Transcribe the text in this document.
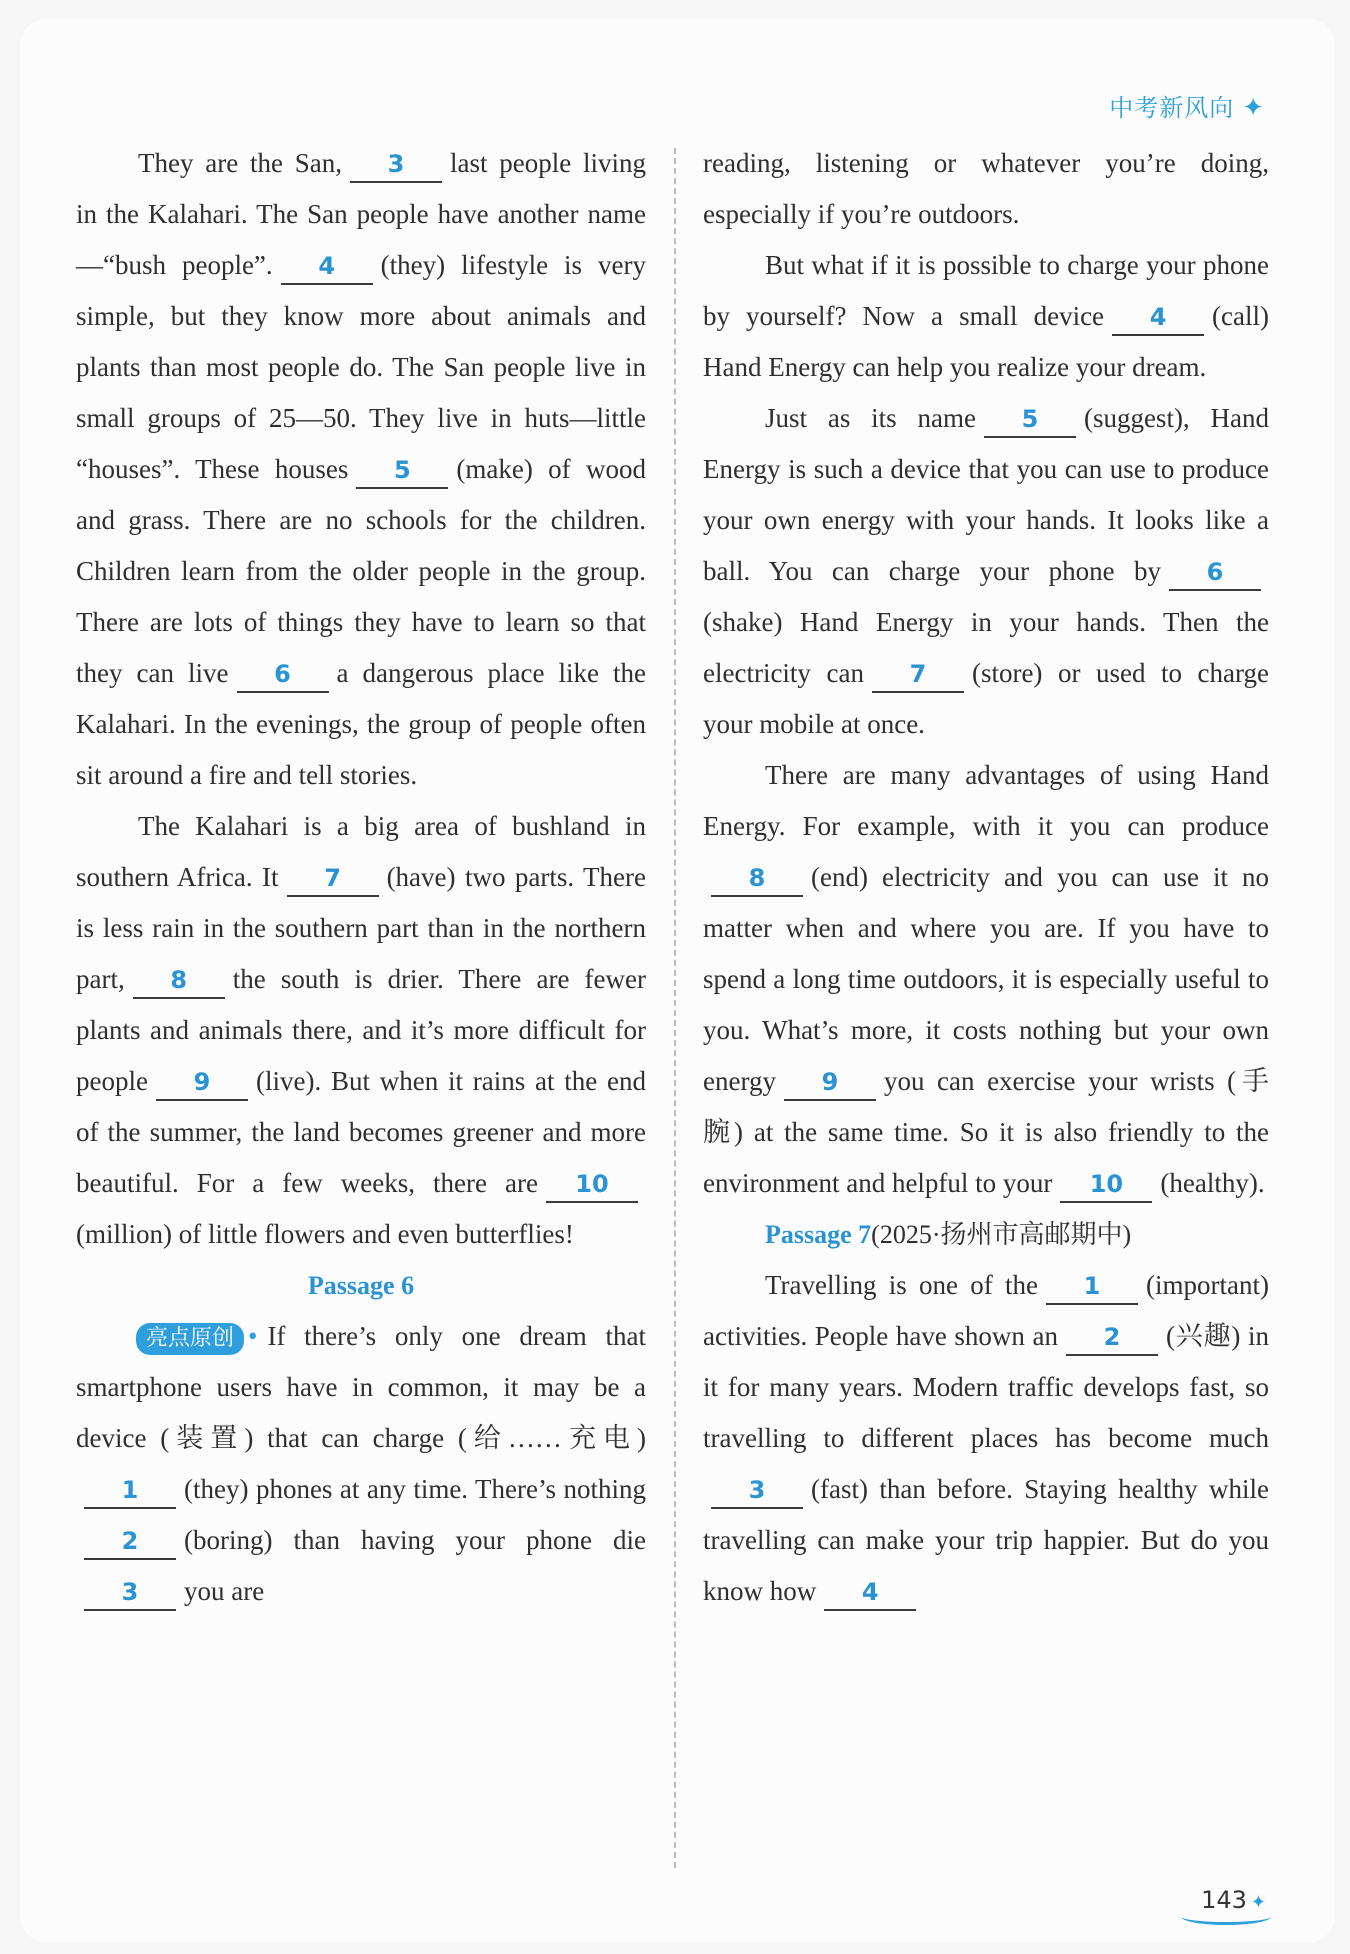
中考新风向 ✦

They are the San, 3 last people living in the Kalahari. The San people have another name—“bush people”. 4 (they) lifestyle is very simple, but they know more about animals and plants than most people do. The San people live in small groups of 25—50. They live in huts—little “houses”. These houses 5 (make) of wood and grass. There are no schools for the children. Children learn from the older people in the group. There are lots of things they have to learn so that they can live 6 a dangerous place like the Kalahari. In the evenings, the group of people often sit around a fire and tell stories.

The Kalahari is a big area of bushland in southern Africa. It 7 (have) two parts. There is less rain in the southern part than in the northern part, 8 the south is drier. There are fewer plants and animals there, and it’s more difficult for people 9 (live). But when it rains at the end of the summer, the land becomes greener and more beautiful. For a few weeks, there are 10(million) of little flowers and even butterflies!

Passage 6

亮点原创 • If there’s only one dream that smartphone users have in common, it may be a device (装置) that can charge (给……充电)1 (they) phones at any time. There’s nothing2 (boring) than having your phone die3 you are

reading, listening or whatever you’re doing, especially if you’re outdoors.

But what if it is possible to charge your phone by yourself? Now a small device 4 (call) Hand Energy can help you realize your dream.

Just as its name 5 (suggest), Hand Energy is such a device that you can use to produce your own energy with your hands. It looks like a ball. You can charge your phone by 6(shake) Hand Energy in your hands. Then the electricity can 7 (store) or used to charge your mobile at once.

There are many advantages of using Hand Energy. For example, with it you can produce8 (end) electricity and you can use it no matter when and where you are. If you have to spend a long time outdoors, it is especially useful to you. What’s more, it costs nothing but your own energy 9 you can exercise your wrists (手腕) at the same time. So it is also friendly to the environment and helpful to your 10 (healthy).

Passage 7(2025·扬州市高邮期中)

Travelling is one of the 1 (important) activities. People have shown an 2 (兴趣) in it for many years. Modern traffic develops fast, so travelling to different places has become much3 (fast) than before. Staying healthy while travelling can make your trip happier. But do you know how 4

143 ✦
